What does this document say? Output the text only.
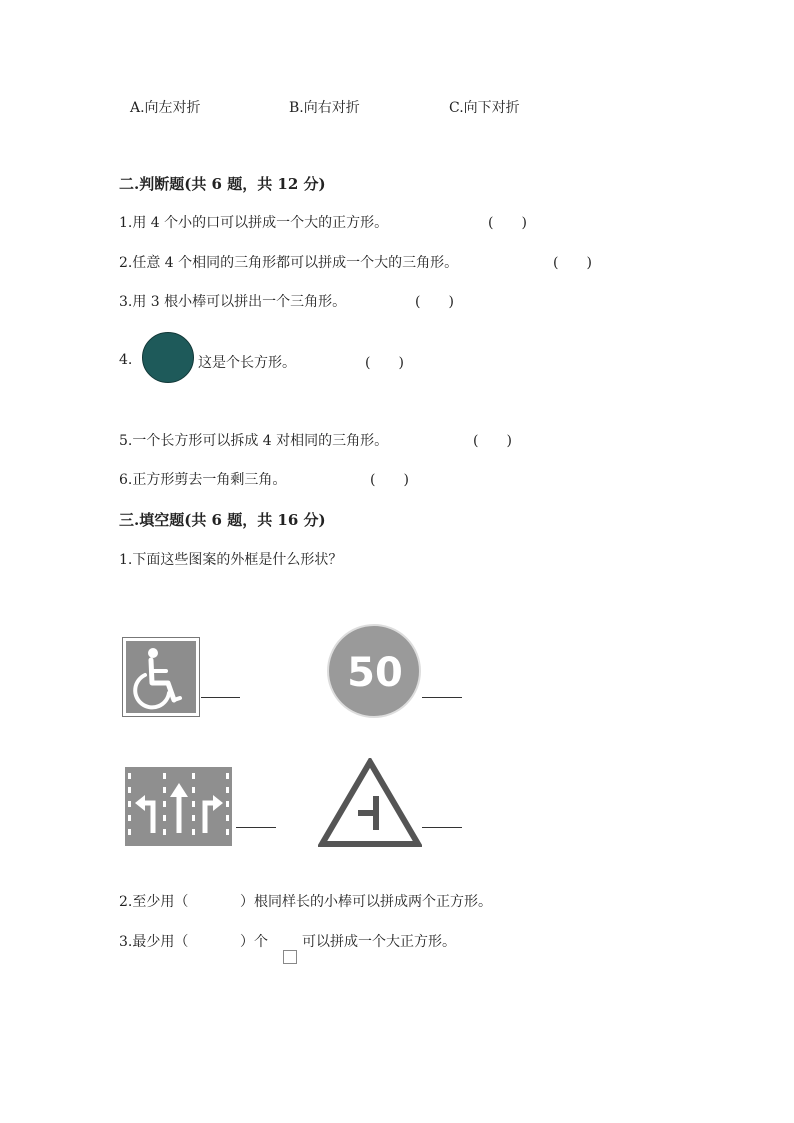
A.向左对折	B.向右对折	C.向下对折
二.判断题(共 6 题，共 12 分)
1.用 4 个小的口可以拼成一个大的正方形。	(　　)
2.任意 4 个相同的三角形都可以拼成一个大的三角形。	(　　)
3.用 3 根小棒可以拼出一个三角形。	(　　)
4.	这是个长方形。	(　　)
5.一个长方形可以拆成 4 对相同的三角形。	(　　)
6.正方形剪去一角剩三角。	(　　)
三.填空题(共 6 题，共 16 分)
1.下面这些图案的外框是什么形状？
50
2.至少用（	）根同样长的小棒可以拼成两个正方形。
3.最少用（	）个 可以拼成一个大正方形。
